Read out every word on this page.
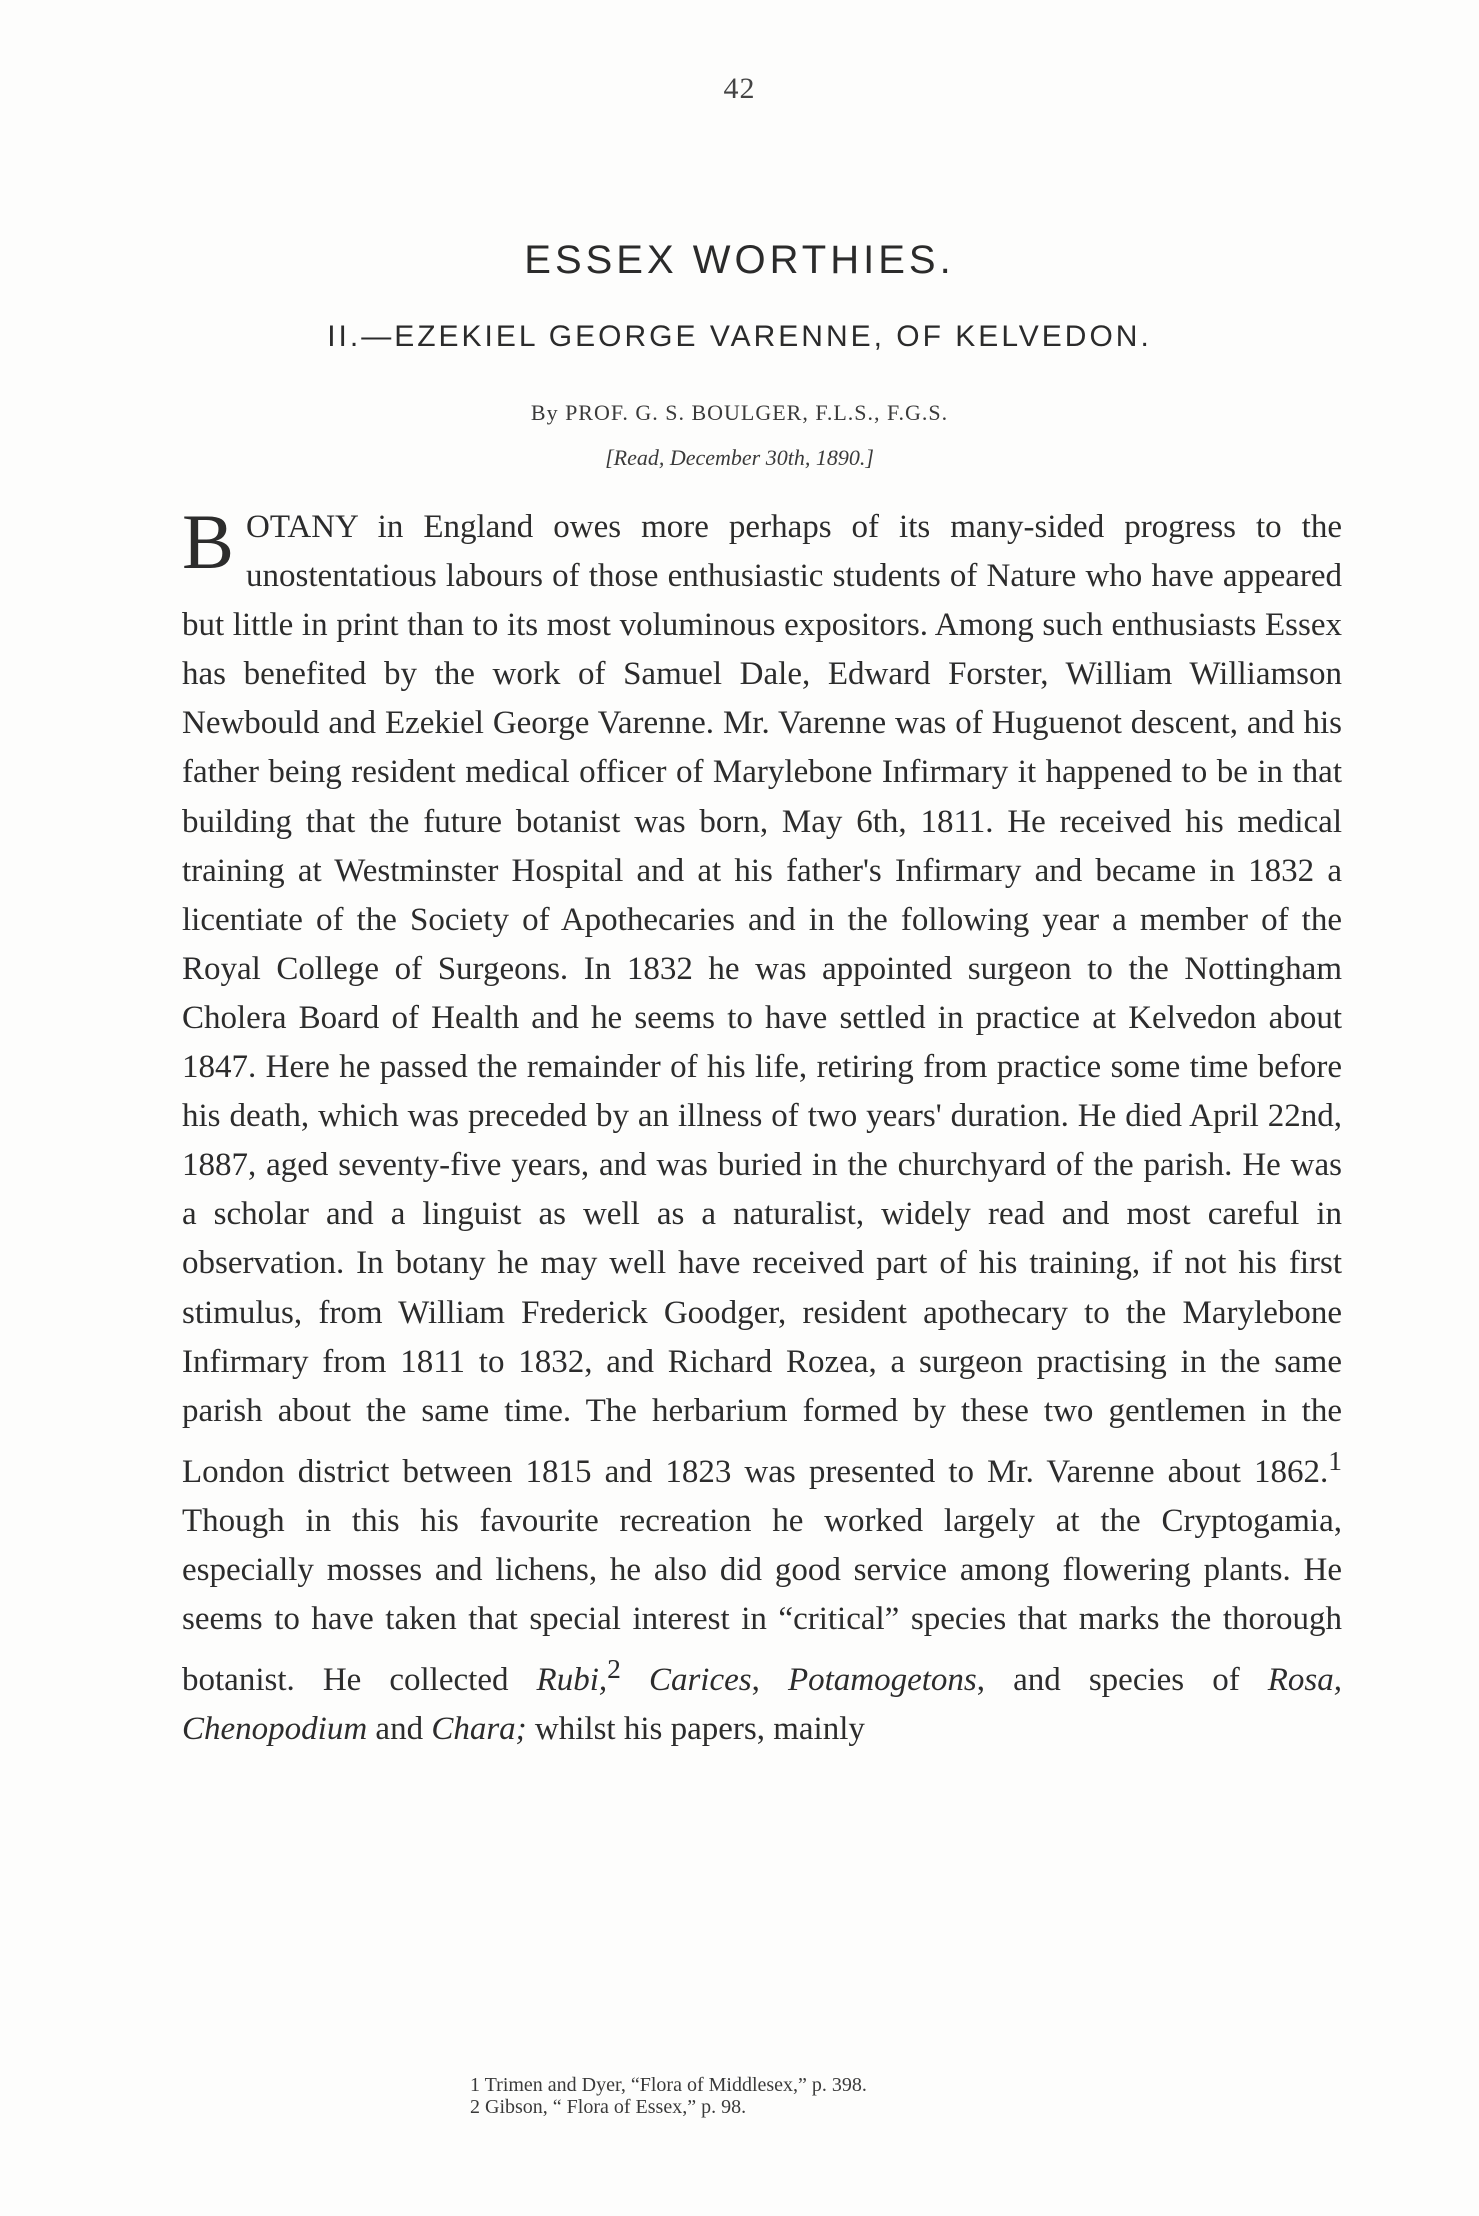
42
ESSEX WORTHIES.
II.—EZEKIEL GEORGE VARENNE, OF KELVEDON.
By PROF. G. S. BOULGER, F.L.S., F.G.S.
[Read, December 30th, 1890.]

BOTANY in England owes more perhaps of its many-sided progress to the unostentatious labours of those enthusiastic students of Nature who have appeared but little in print than to its most voluminous expositors. Among such enthusiasts Essex has benefited by the work of Samuel Dale, Edward Forster, William Williamson Newbould and Ezekiel George Varenne. Mr. Varenne was of Huguenot descent, and his father being resident medical officer of Marylebone Infirmary it happened to be in that building that the future botanist was born, May 6th, 1811. He received his medical training at Westminster Hospital and at his father's Infirmary and became in 1832 a licentiate of the Society of Apothecaries and in the following year a member of the Royal College of Surgeons. In 1832 he was appointed surgeon to the Nottingham Cholera Board of Health and he seems to have settled in practice at Kelvedon about 1847. Here he passed the remainder of his life, retiring from practice some time before his death, which was preceded by an illness of two years' duration. He died April 22nd, 1887, aged seventy-five years, and was buried in the churchyard of the parish. He was a scholar and a linguist as well as a naturalist, widely read and most careful in observation. In botany he may well have received part of his training, if not his first stimulus, from William Frederick Goodger, resident apothecary to the Marylebone Infirmary from 1811 to 1832, and Richard Rozea, a surgeon practising in the same parish about the same time. The herbarium formed by these two gentlemen in the London district between 1815 and 1823 was presented to Mr. Varenne about 1862.$^1$ Though in this his favourite recreation he worked largely at the Cryptogamia, especially mosses and lichens, he also did good service among flowering plants. He seems to have taken that special interest in “critical” species that marks the thorough botanist. He collected Rubi,$^2$ Carices, Potamogetons, and species of Rosa, Chenopodium and Chara; whilst his papers, mainly

1 Trimen and Dyer, “Flora of Middlesex,” p. 398.
2 Gibson, “ Flora of Essex,” p. 98.
